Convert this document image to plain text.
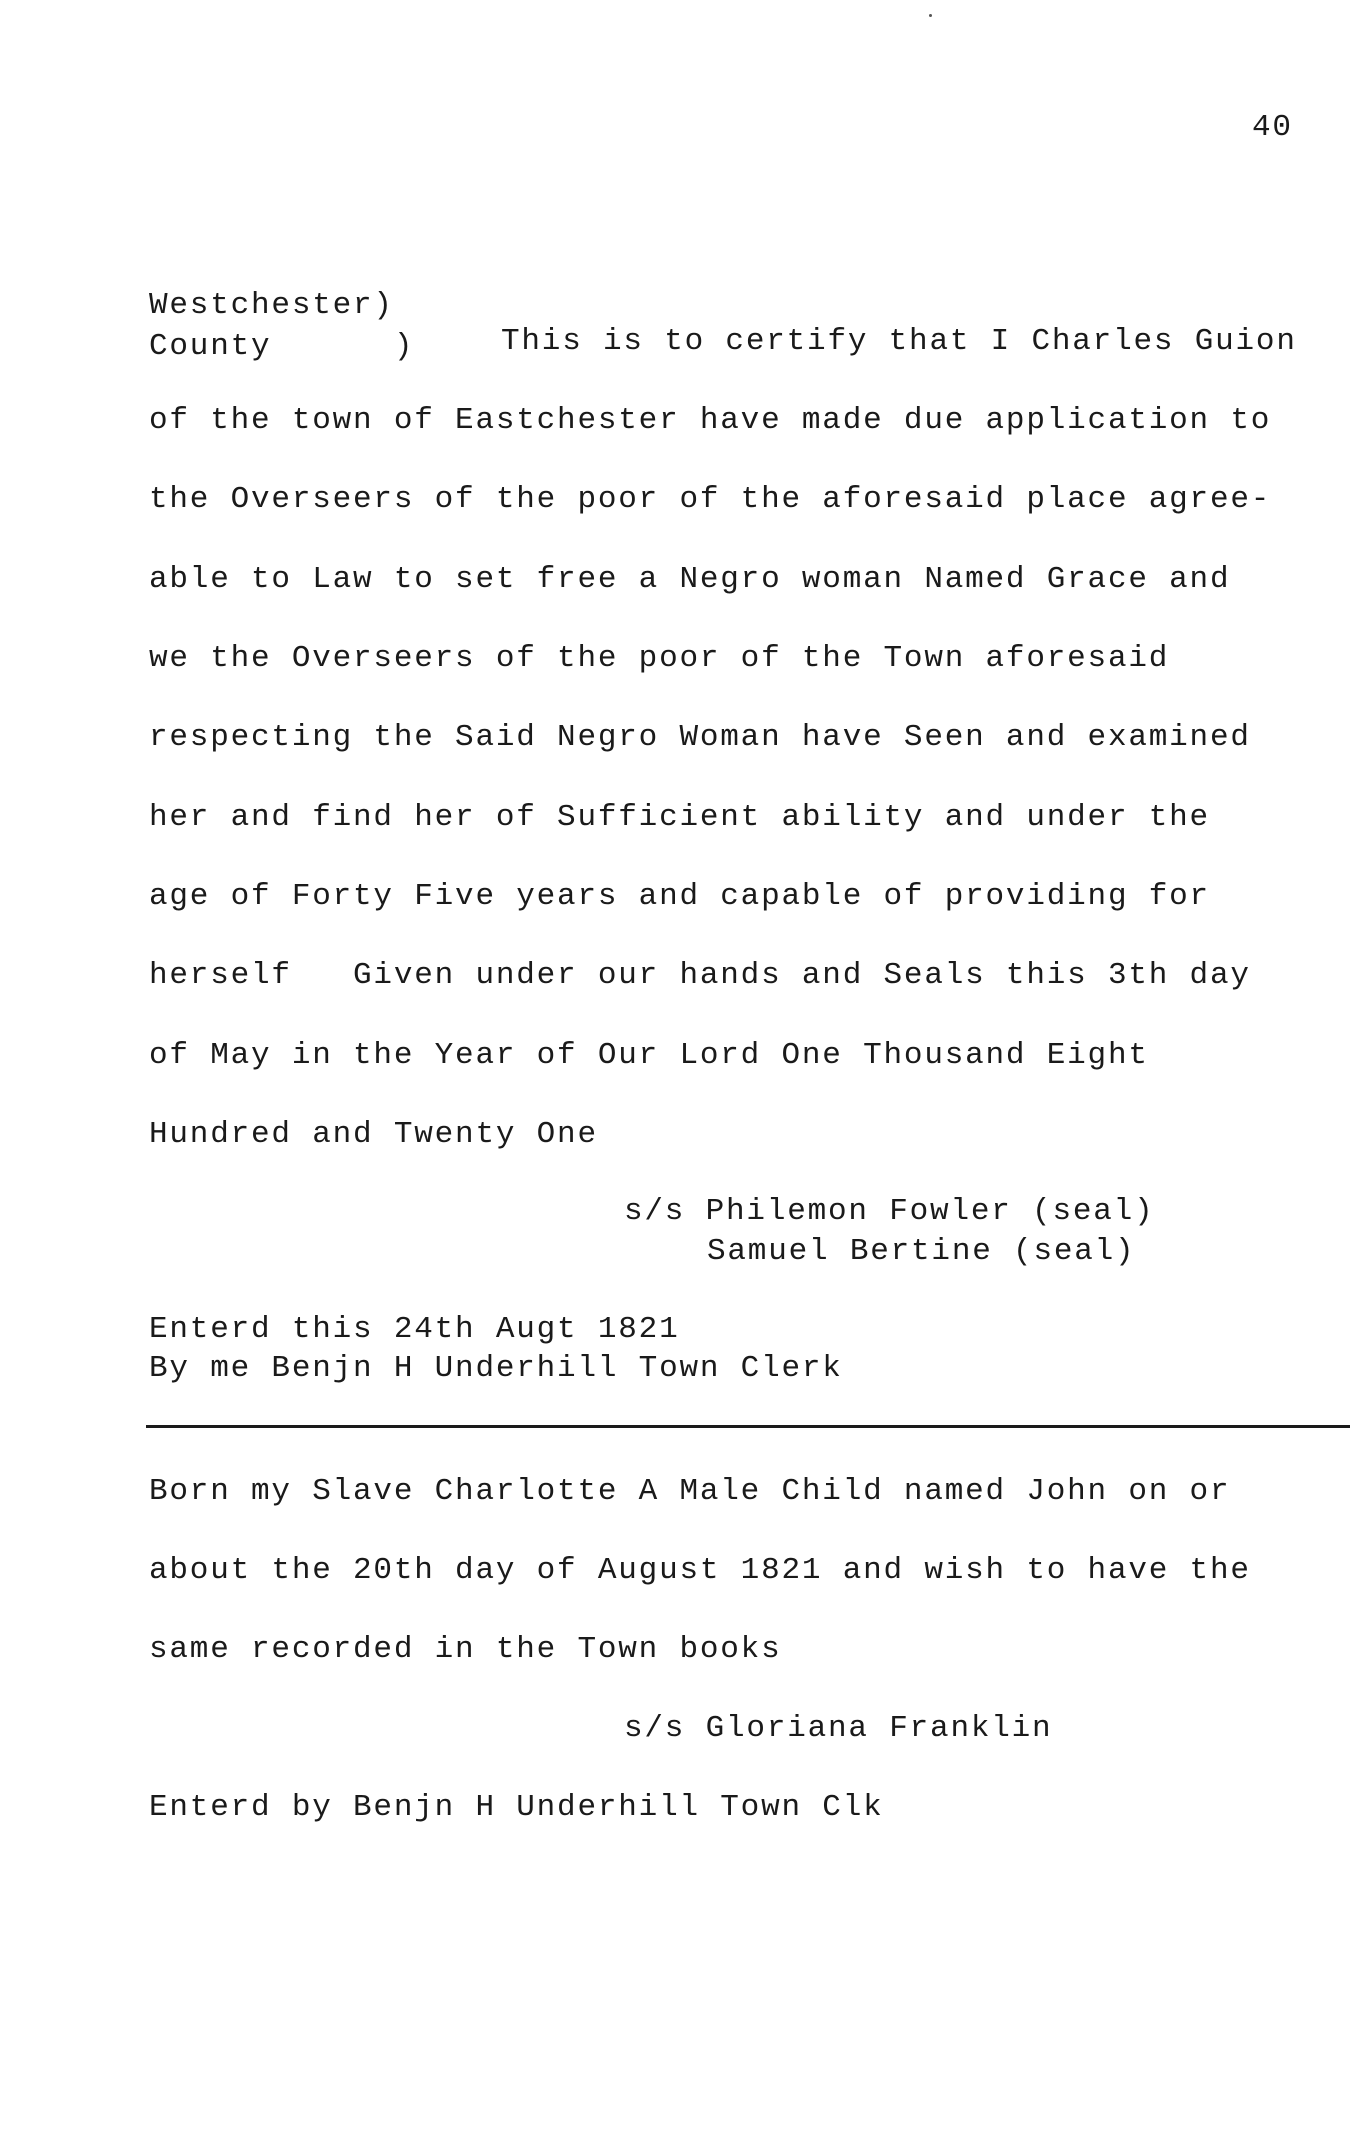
40
Westchester)
County      )	This is to certify that I Charles Guion
of the town of Eastchester have made due application to
the Overseers of the poor of the aforesaid place agree-
able to Law to set free a Negro woman Named Grace and
we the Overseers of the poor of the Town aforesaid
respecting the Said Negro Woman have Seen and examined
her and find her of Sufficient ability and under the
age of Forty Five years and capable of providing for
herself   Given under our hands and Seals this 3th day
of May in the Year of Our Lord One Thousand Eight
Hundred and Twenty One
s/s Philemon Fowler (seal)
Samuel Bertine (seal)
Enterd this 24th Augt 1821
By me Benjn H Underhill Town Clerk
Born my Slave Charlotte A Male Child named John on or
about the 20th day of August 1821 and wish to have the
same recorded in the Town books
s/s Gloriana Franklin
Enterd by Benjn H Underhill Town Clk
